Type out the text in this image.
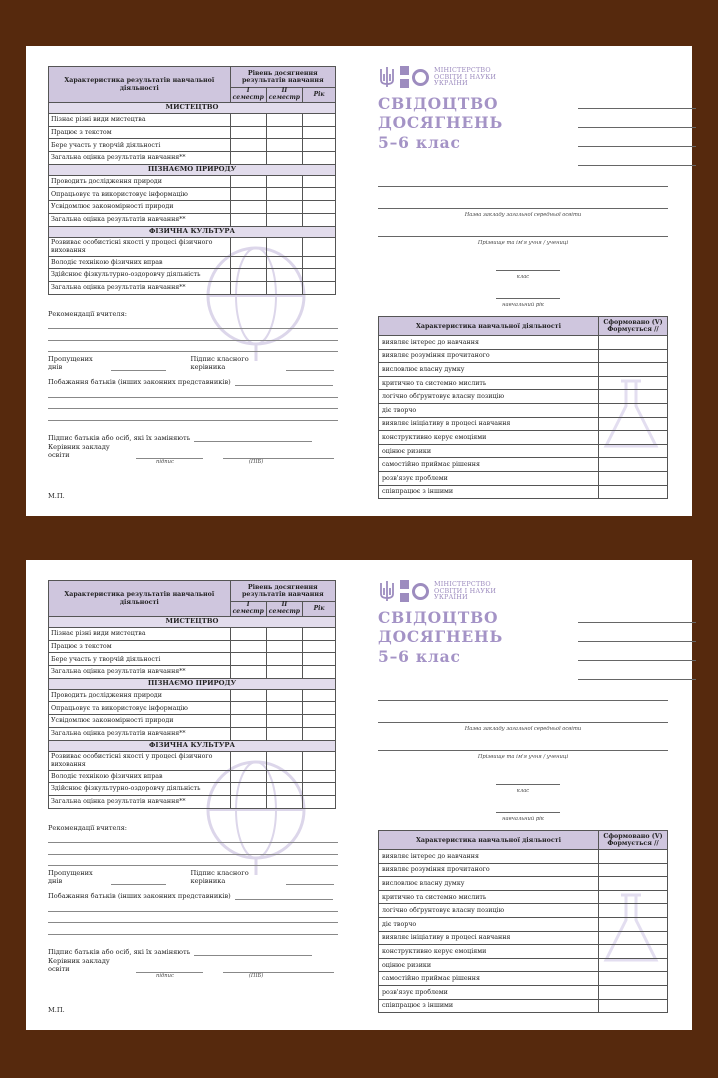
Характеристика результатів навчальної діяльності	Рівень досягнення результатів навчання		
	І семестр	ІІ семестр	Рік
МИСТЕЦТВО			
Пізнає різні види мистецтва			
Працює з текстом			
Бере участь у творчій діяльності			
Загальна оцінка результатів навчання**			
ПІЗНАЄМО ПРИРОДУ			
Проводить дослідження природи			
Опрацьовує та використовує інформацію			
Усвідомлює закономірності природи			
Загальна оцінка результатів навчання**			
ФІЗИЧНА КУЛЬТУРА			
Розвиває особистісні якості у процесі фізичного виховання			
Володіє технікою фізичних вправ			
Здійснює фізкультурно-оздоровчу діяльність			
Загальна оцінка результатів навчання**			
Рекомендації вчителя:
Пропущених днів
Підпис класного керівника
Побажання батьків (інших законних представників)
Підпис батьків або осіб, які їх заміняють
Керівник закладу освіти
підпис	(ПІБ)
М.П.
МІНІСТЕРСТВО
ОСВІТИ І НАУКИ
УКРАЇНИ
СВІДОЦТВО
ДОСЯГНЕНЬ
5–6 клас
Назва закладу загальної середньої освіти
Прізвище та ім'я учня / учениці
клас
навчальний рік
Характеристика навчальної діяльності	Сформовано (V) Формується //
виявляє інтерес до навчання	
виявляє розуміння прочитаного	
висловлює власну думку	
критично та системно мислить	
логічно обґрунтовує власну позицію	
діє творчо	
виявляє ініціативу в процесі навчання	
конструктивно керує емоціями	
оцінює ризики	
самостійно приймає рішення	
розв'язує проблеми	
співпрацює з іншими	
Характеристика результатів навчальної діяльності	Рівень досягнення результатів навчання		
	І семестр	ІІ семестр	Рік
МИСТЕЦТВО			
Пізнає різні види мистецтва			
Працює з текстом			
Бере участь у творчій діяльності			
Загальна оцінка результатів навчання**			
ПІЗНАЄМО ПРИРОДУ			
Проводить дослідження природи			
Опрацьовує та використовує інформацію			
Усвідомлює закономірності природи			
Загальна оцінка результатів навчання**			
ФІЗИЧНА КУЛЬТУРА			
Розвиває особистісні якості у процесі фізичного виховання			
Володіє технікою фізичних вправ			
Здійснює фізкультурно-оздоровчу діяльність			
Загальна оцінка результатів навчання**			
Рекомендації вчителя:
Пропущених днів
Підпис класного керівника
Побажання батьків (інших законних представників)
Підпис батьків або осіб, які їх заміняють
Керівник закладу освіти
підпис	(ПІБ)
М.П.
МІНІСТЕРСТВО
ОСВІТИ І НАУКИ
УКРАЇНИ
СВІДОЦТВО
ДОСЯГНЕНЬ
5–6 клас
Назва закладу загальної середньої освіти
Прізвище та ім'я учня / учениці
клас
навчальний рік
Характеристика навчальної діяльності	Сформовано (V) Формується //
виявляє інтерес до навчання	
виявляє розуміння прочитаного	
висловлює власну думку	
критично та системно мислить	
логічно обґрунтовує власну позицію	
діє творчо	
виявляє ініціативу в процесі навчання	
конструктивно керує емоціями	
оцінює ризики	
самостійно приймає рішення	
розв'язує проблеми	
співпрацює з іншими	
